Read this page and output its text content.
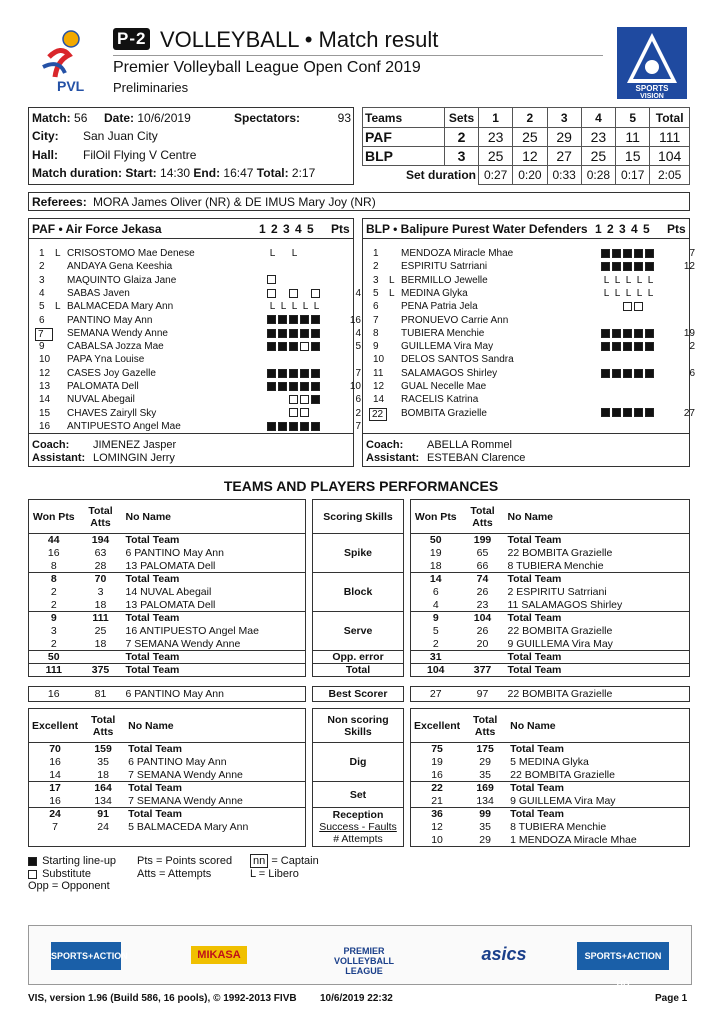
PVL
P-2 VOLLEYBALL • Match result
Premier Volleyball League Open Conf 2019
Preliminaries	SPORTS
VISION
Match: 56 Date: 10/6/2019	Spectators:	93
City: San Juan City
Hall: FilOil Flying V Centre
Match duration: Start: 14:30 End: 16:47 Total: 2:17
Teams	Sets	1	2	3	4	5	Total
PAF	2	23	25	29	23	11	111
BLP	3	25	12	27	25	15	104
Set duration		0:27	0:20	0:33	0:28	0:17	2:05
Referees: MORA James Oliver (NR) & DE IMUS Mary Joy (NR)
PAF • Air Force Jekasa	1 2 3 4 5 Pts
1	L CRISOSTOMO Mae Denese	L L
2	ANDAYA Gena Keeshia
3	MAQUINTO Glaiza Jane
4	SABAS Javen	4
5	L BALMACEDA Mary Ann	L L L L L
6	PANTINO May Ann	16
7	SEMANA Wendy Anne	4
9	CABALSA Jozza Mae	5
10	PAPA Yna Louise
12	CASES Joy Gazelle	7
13	PALOMATA Dell	10
14	NUVAL Abegail	6
15	CHAVES Zairyll Sky	2
16	ANTIPUESTO Angel Mae	7
Coach: JIMENEZ Jasper
Assistant: LOMINGIN Jerry
BLP • Balipure Purest Water Defenders 1 2 3 4 5 Pts
1	MENDOZA Miracle Mhae	7
2	ESPIRITU Satrriani	12
3	L BERMILLO Jewelle	L L L L L
5	L MEDINA Glyka	L L L L L
6	PENA Patria Jela
7	PRONUEVO Carrie Ann
8	TUBIERA Menchie	19
9	GUILLEMA Vira May	2
10	DELOS SANTOS Sandra
11	SALAMAGOS Shirley	6
12	GUAL Necelle Mae
14	RACELIS Katrina
22	BOMBITA Grazielle	27
Coach: ABELLA Rommel
Assistant: ESTEBAN Clarence
TEAMS AND PLAYERS PERFORMANCES
Won Pts	Total Atts	No Name
44	194	Total Team
16	63	6 PANTINO May Ann
8	28	13 PALOMATA Dell
8	70	Total Team
2	3	14 NUVAL Abegail
2	18	13 PALOMATA Dell
9	111	Total Team
3	25	16 ANTIPUESTO Angel Mae
2	18	7 SEMANA Wendy Anne
50		Total Team
111	375	Total Team
Scoring Skills
Spike
Block
Serve
Opp. error
Total
Won Pts	Total Atts	No Name
50	199	Total Team
19	65	22 BOMBITA Grazielle
18	66	8 TUBIERA Menchie
14	74	Total Team
6	26	2 ESPIRITU Satrriani
4	23	11 SALAMAGOS Shirley
9	104	Total Team
5	26	22 BOMBITA Grazielle
2	20	9 GUILLEMA Vira May
31		Total Team
104	377	Total Team
16	81	6 PANTINO May Ann	Best Scorer	27	97	22 BOMBITA Grazielle
Excellent	Total Atts	No Name
70	159	Total Team
16	35	6 PANTINO May Ann
14	18	7 SEMANA Wendy Anne
17	164	Total Team
16	134	7 SEMANA Wendy Anne
24	91	Total Team
7	24	5 BALMACEDA Mary Ann

Non scoring Skills
Dig
Set

Reception
Success - Faults
# Attempts
Excellent	Total Atts	No Name
75	175	Total Team
19	29	5 MEDINA Glyka
16	35	22 BOMBITA Grazielle
22	169	Total Team
21	134	9 GUILLEMA Vira May
36	99	Total Team
12	35	8 TUBIERA Menchie
10	29	1 MENDOZA Miracle Mhae
Starting line-up
Substitute
Opp = Opponent
Pts = Points scored
Atts = Attempts
nn = Captain
L = Libero
SPORTS+ACTION	MIKASA	PREMIER VOLLEYBALL LEAGUE
asics	SPORTS+ACTION HD
VIS, version 1.96 (Build 586, 16 pools), © 1992-2013 FIVB 10/6/2019 22:32	Page 1
